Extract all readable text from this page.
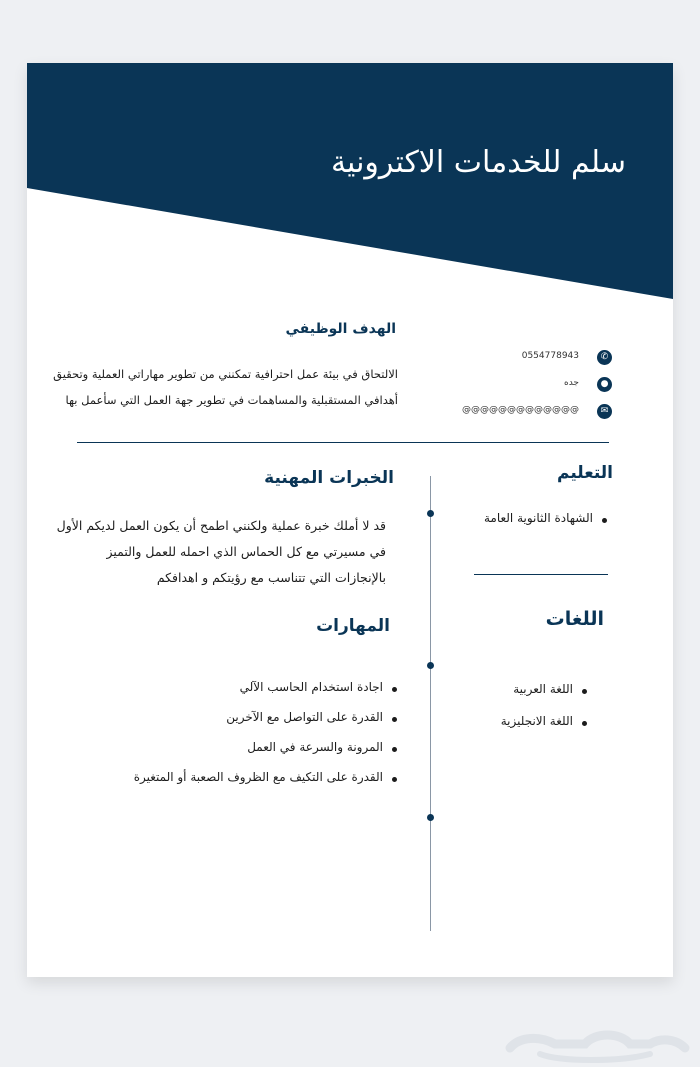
سلم للخدمات الاكترونية
الهدف الوظيفي
الالتحاق في بيئة عمل احترافية تمكنني من تطوير مهاراتي العملية وتحقيق أهدافي المستقبلية والمساهمات في تطوير جهة العمل التي سأعمل بها
0554778943	✆
جده	●
@@@@@@@@@@@@@	✉
الخبرات المهنية
قد لا أملك خبرة عملية ولكنني اطمح أن يكون العمل لديكم الأول في مسيرتي مع كل الحماس الذي احمله للعمل والتميز بالإنجازات التي تتناسب مع رؤيتكم و اهدافكم
المهارات
اجادة استخدام الحاسب الآلي
القدرة على التواصل مع الآخرين
المرونة والسرعة في العمل
القدرة على التكيف مع الظروف الصعبة أو المتغيرة
التعليم
الشهادة الثانوية العامة
اللغات
اللغة العربية
اللغة الانجليزية
